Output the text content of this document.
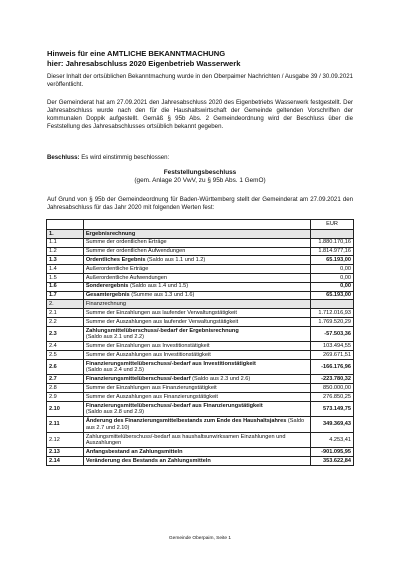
Hinweis für eine AMTLICHE BEKANNTMACHUNG
hier: Jahresabschluss 2020 Eigenbetrieb Wasserwerk
Dieser Inhalt der ortsüblichen Bekanntmachung wurde in den Oberpaimer Nachrichten / Ausgabe 39 / 30.09.2021 veröffentlicht.
Der Gemeinderat hat am 27.09.2021 den Jahresabschluss 2020 des Eigenbetriebs Wasserwerk festgestellt. Der Jahresabschluss wurde nach den für die Haushaltswirtschaft der Gemeinde geltenden Vorschriften der kommunalen Doppik aufgestellt. Gemäß § 95b Abs. 2 Gemeindeordnung wird der Beschluss über die Feststellung des Jahresabschlusses ortsüblich bekannt gegeben.
Beschluss: Es wird einstimmig beschlossen:
Feststellungsbeschluss
(gem. Anlage 20 VwV, zu § 95b Abs. 1 GemO)
Auf Grund von § 95b der Gemeindeordnung für Baden-Württemberg stellt der Gemeinderat am 27.09.2021 den Jahresabschluss für das Jahr 2020 mit folgenden Werten fest:
		EUR
1.	Ergebnisrechnung	
1.1	Summe der ordentlichen Erträge	1.880.170,16
1.2	Summe der ordentlichen Aufwendungen	1.814.977,16
1.3	Ordentliches Ergebnis (Saldo aus 1.1 und 1.2)	65.193,00
1.4	Außerordentliche Erträge	0,00
1.5	Außerordentliche Aufwendungen	0,00
1.6	Sonderergebnis (Saldo aus 1.4 und 1.5)	0,00
1.7	Gesamtergebnis (Summe aus 1.3 und 1.6)	65.193,00
2.	Finanzrechnung	
2.1	Summe der Einzahlungen aus laufender Verwaltungstätigkeit	1.712.016,93
2.2	Summe der Auszahlungen aus laufender Verwaltungstätigkeit	1.769.520,29
2.3	Zahlungsmittelüberschuss/-bedarf der Ergebnisrechnung
(Saldo aus 2.1 und 2.2)	-57.503,36
2.4	Summe der Einzahlungen aus Investitionstätigkeit	103.494,55
2.5	Summe der Auszahlungen aus Investitionstätigkeit	269.671,51
2.6	Finanzierungsmittelüberschuss/-bedarf aus Investitionstätigkeit
(Saldo aus 2.4 und 2.5)	-166.176,96
2.7	Finanzierungsmittelüberschuss/-bedarf (Saldo aus 2.3 und 2.6)	-223.780,32
2.8	Summe der Einzahlungen aus Finanzierungstätigkeit	850.000,00
2.9	Summe der Auszahlungen aus Finanzierungstätigkeit	276.850,25
2.10	Finanzierungsmittelüberschuss/-bedarf aus Finanzierungstätigkeit
(Saldo aus 2.8 und 2.9)	573.149,75
2.11	Änderung des Finanzierungsmittelbestands zum Ende des Haushaltsjahres (Saldo aus 2.7 und 2.10)	349.369,43
2.12	Zahlungsmittelüberschuss/-bedarf aus haushaltsunwirksamen Einzahlungen und Auszahlungen	4.253,41
2.13	Anfangsbestand an Zahlungsmitteln	-901.095,95
2.14	Veränderung des Bestands an Zahlungsmitteln	353.622,84
Gemeinde Oberpaim, Seite 1
